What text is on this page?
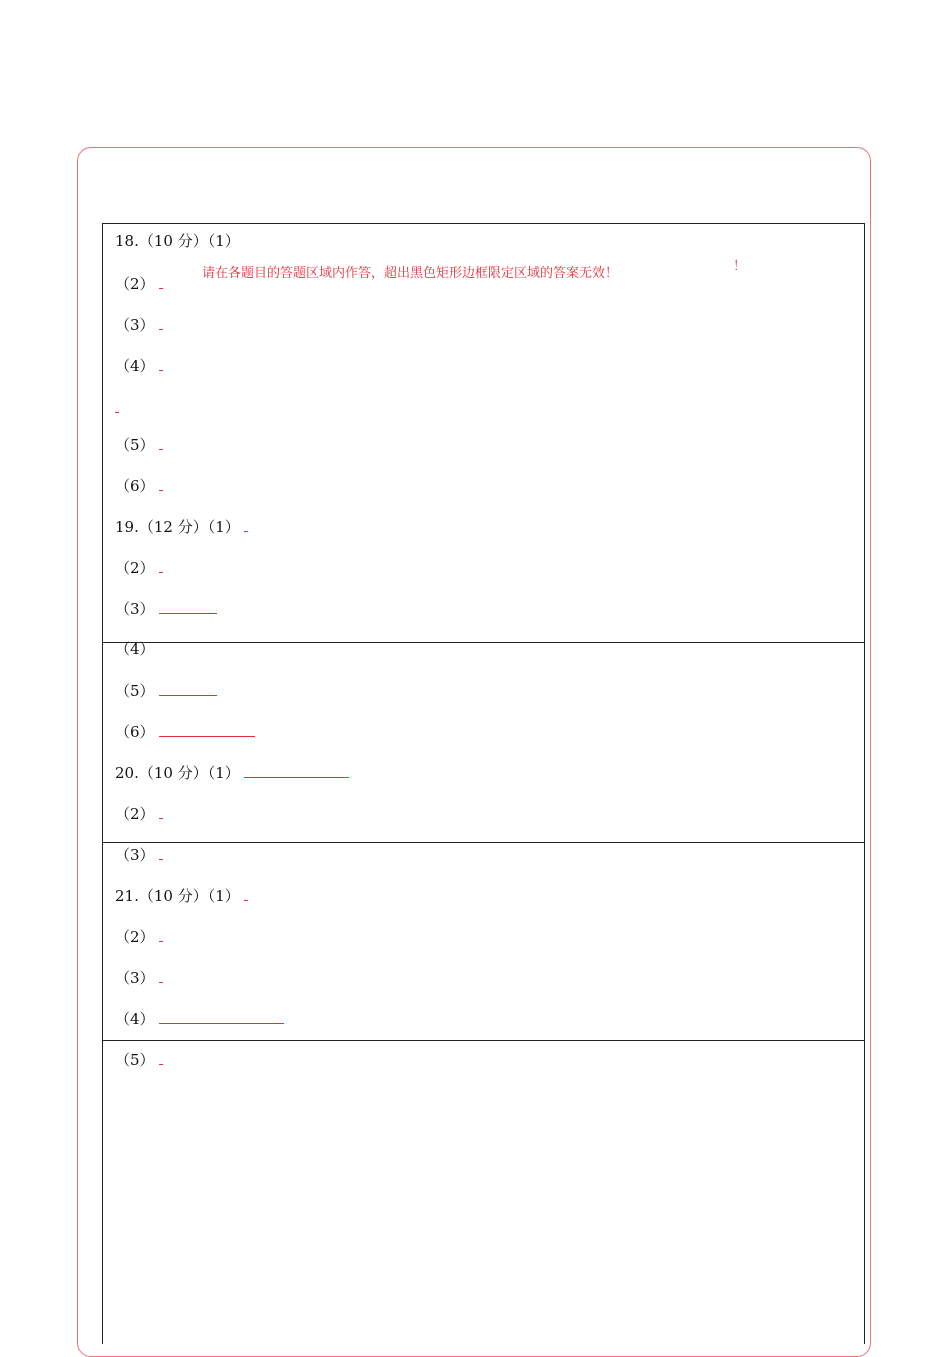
请在各题目的答题区域内作答，超出黑色矩形边框限定区域的答案无效！	！
18.（10 分）（1）
（2）
（3）
（4）
（5）
（6）
19.（12 分）（1）
（2）
（3）
（4）
（5）
（6）
20.（10 分）（1）
（2）
（3）
21.（10 分）（1）
（2）
（3）
（4）
（5）
